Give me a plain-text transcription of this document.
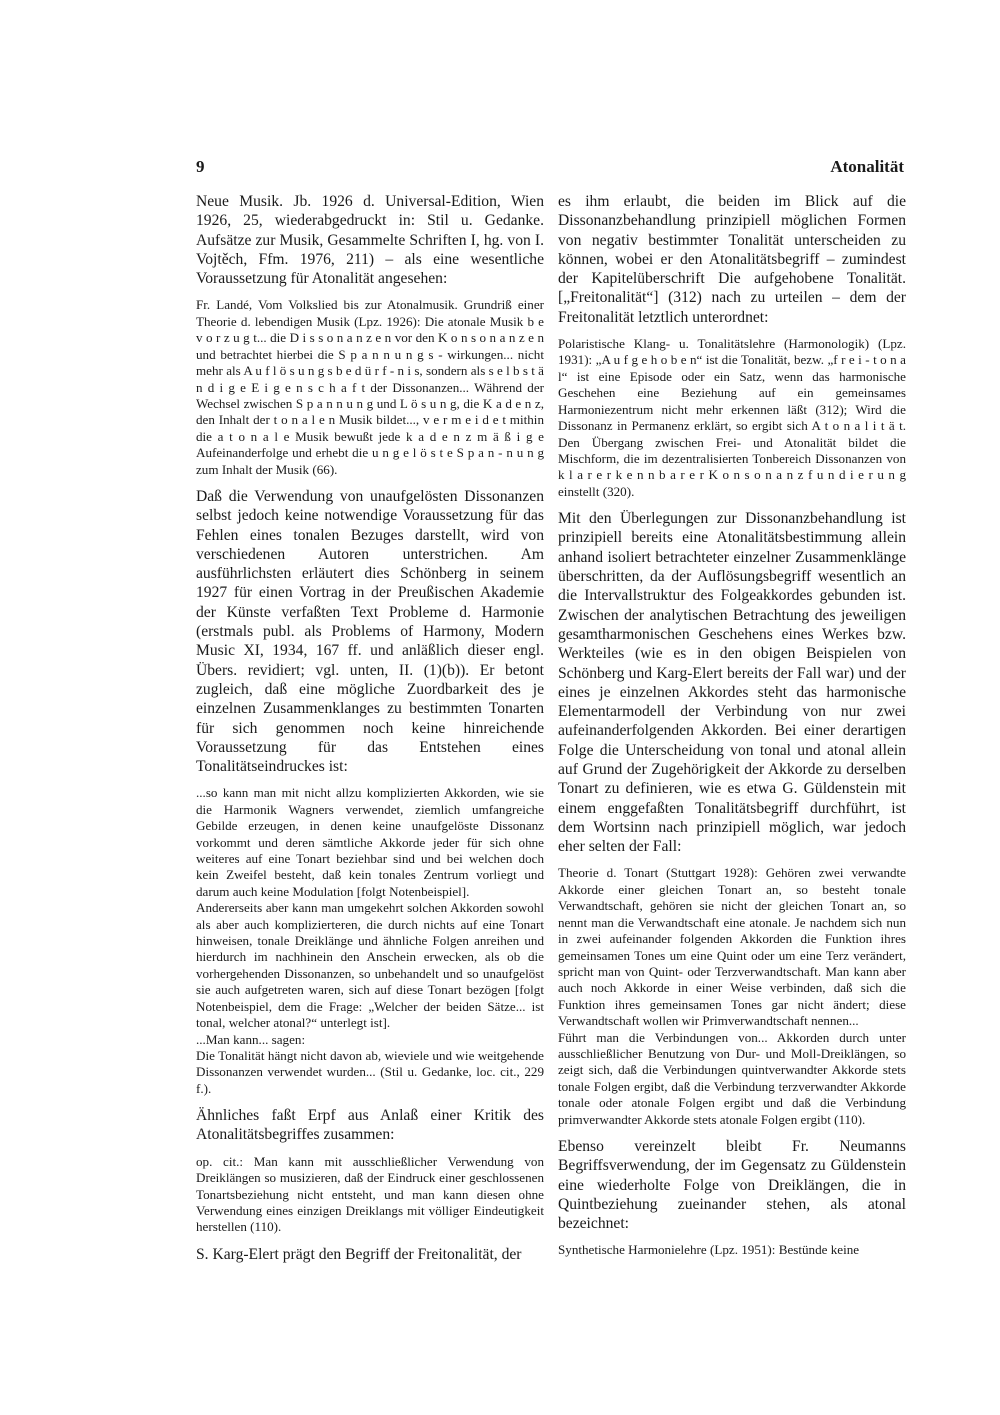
9	Atonalität

Neue Musik. Jb. 1926 d. Universal-Edition, Wien 1926, 25, wiederabgedruckt in: Stil u. Gedanke. Aufsätze zur Musik, Gesammelte Schriften I, hg. von I. Vojtěch, Ffm. 1976, 211) – als eine wesentliche Voraussetzung für Atonalität angesehen:

Fr. Landé, Vom Volkslied bis zur Atonalmusik. Grundriß einer Theorie d. lebendigen Musik (Lpz. 1926): Die atonale Musik b e v o r z u g t... die D i s s o n a n z e n vor den K o n s o n a n z e n und betrachtet hierbei die S p a n n u n g s - wirkungen... nicht mehr als A u f l ö s u n g s b e d ü r f - n i s, sondern als s e l b s t ä n d i g e E i g e n s c h a f t der Dissonanzen... Während der Wechsel zwischen S p a n n u n g und L ö s u n g, die K a d e n z, den Inhalt der t o n a l e n Musik bildet..., v e r m e i d e t mithin die a t o n a l e Musik bewußt jede k a d e n z m ä ß i g e Aufeinanderfolge und erhebt die u n g e l ö s t e S p a n - n u n g zum Inhalt der Musik (66).

Daß die Verwendung von unaufgelösten Dissonanzen selbst jedoch keine notwendige Voraussetzung für das Fehlen eines tonalen Bezuges darstellt, wird von verschiedenen Autoren unterstrichen. Am ausführlichsten erläutert dies Schönberg in seinem 1927 für einen Vortrag in der Preußischen Akademie der Künste verfaßten Text Probleme d. Harmonie (erstmals publ. als Problems of Harmony, Modern Music XI, 1934, 167 ff. und anläßlich dieser engl. Übers. revidiert; vgl. unten, II. (1)(b)). Er betont zugleich, daß eine mögliche Zuordbarkeit des je einzelnen Zusammenklanges zu bestimmten Tonarten für sich genommen noch keine hinreichende Voraussetzung für das Entstehen eines Tonalitätseindruckes ist:

...so kann man mit nicht allzu komplizierten Akkorden, wie sie die Harmonik Wagners verwendet, ziemlich umfangreiche Gebilde erzeugen, in denen keine unaufgelöste Dissonanz vorkommt und deren sämtliche Akkorde jeder für sich ohne weiteres auf eine Tonart beziehbar sind und bei welchen doch kein Zweifel besteht, daß kein tonales Zentrum vorliegt und darum auch keine Modulation [folgt Notenbeispiel].

Andererseits aber kann man umgekehrt solchen Akkorden sowohl als aber auch komplizierteren, die durch nichts auf eine Tonart hinweisen, tonale Dreiklänge und ähnliche Folgen anreihen und hierdurch im nachhinein den Anschein erwecken, als ob die vorhergehenden Dissonanzen, so unbehandelt und so unaufgelöst sie auch aufgetreten waren, sich auf diese Tonart bezögen [folgt Notenbeispiel, dem die Frage: „Welcher der beiden Sätze... ist tonal, welcher atonal?“ unterlegt ist].

...Man kann... sagen:

Die Tonalität hängt nicht davon ab, wieviele und wie weitgehende Dissonanzen verwendet wurden... (Stil u. Gedanke, loc. cit., 229 f.).

Ähnliches faßt Erpf aus Anlaß einer Kritik des Atonalitätsbegriffes zusammen:

op. cit.: Man kann mit ausschließlicher Verwendung von Dreiklängen so musizieren, daß der Eindruck einer geschlossenen Tonartsbeziehung nicht entsteht, und man kann diesen ohne Verwendung eines einzigen Dreiklangs mit völliger Eindeutigkeit herstellen (110).

S. Karg-Elert prägt den Begriff der Freitonalität, der

es ihm erlaubt, die beiden im Blick auf die Dissonanzbehandlung prinzipiell möglichen Formen von negativ bestimmter Tonalität unterscheiden zu können, wobei er den Atonalitätsbegriff – zumindest der Kapitelüberschrift Die aufgehobene Tonalität. [„Freitonalität“] (312) nach zu urteilen – dem der Freitonalität letztlich unterordnet:

Polaristische Klang- u. Tonalitätslehre (Harmonologik) (Lpz. 1931): „A u f g e h o b e n“ ist die Tonalität, bezw. „f r e i - t o n a l“ ist eine Episode oder ein Satz, wenn das harmonische Geschehen eine Beziehung auf ein gemeinsames Harmoniezentrum nicht mehr erkennen läßt (312); Wird die Dissonanz in Permanenz erklärt, so ergibt sich A t o n a l i t ä t. Den Übergang zwischen Frei- und Atonalität bildet die Mischform, die im dezentralisierten Tonbereich Dissonanzen von k l a r e r k e n n b a r e r K o n s o n a n z f u n d i e r u n g einstellt (320).

Mit den Überlegungen zur Dissonanzbehandlung ist prinzipiell bereits eine Atonalitätsbestimmung allein anhand isoliert betrachteter einzelner Zusammenklänge überschritten, da der Auflösungsbegriff wesentlich an die Intervallstruktur des Folgeakkordes gebunden ist. Zwischen der analytischen Betrachtung des jeweiligen gesamtharmonischen Geschehens eines Werkes bzw. Werkteiles (wie es in den obigen Beispielen von Schönberg und Karg-Elert bereits der Fall war) und der eines je einzelnen Akkordes steht das harmonische Elementarmodell der Verbindung von nur zwei aufeinanderfolgenden Akkorden. Bei einer derartigen Folge die Unterscheidung von tonal und atonal allein auf Grund der Zugehörigkeit der Akkorde zu derselben Tonart zu definieren, wie es etwa G. Güldenstein mit einem enggefaßten Tonalitätsbegriff durchführt, ist dem Wortsinn nach prinzipiell möglich, war jedoch eher selten der Fall:

Theorie d. Tonart (Stuttgart 1928): Gehören zwei verwandte Akkorde einer gleichen Tonart an, so besteht tonale Verwandtschaft, gehören sie nicht der gleichen Tonart an, so nennt man die Verwandtschaft eine atonale. Je nachdem sich nun in zwei aufeinander folgenden Akkorden die Funktion ihres gemeinsamen Tones um eine Quint oder um eine Terz verändert, spricht man von Quint- oder Terzverwandtschaft. Man kann aber auch noch Akkorde in einer Weise verbinden, daß sich die Funktion ihres gemeinsamen Tones gar nicht ändert; diese Verwandtschaft wollen wir Primverwandtschaft nennen...

Führt man die Verbindungen von... Akkorden durch unter ausschließlicher Benutzung von Dur- und Moll-Dreiklängen, so zeigt sich, daß die Verbindungen quintverwandter Akkorde stets tonale Folgen ergibt, daß die Verbindung terzverwandter Akkorde tonale oder atonale Folgen ergibt und daß die Verbindung primverwandter Akkorde stets atonale Folgen ergibt (110).

Ebenso vereinzelt bleibt Fr. Neumanns Begriffsverwendung, der im Gegensatz zu Güldenstein eine wiederholte Folge von Dreiklängen, die in Quintbeziehung zueinander stehen, als atonal bezeichnet:

Synthetische Harmonielehre (Lpz. 1951): Bestünde keine
